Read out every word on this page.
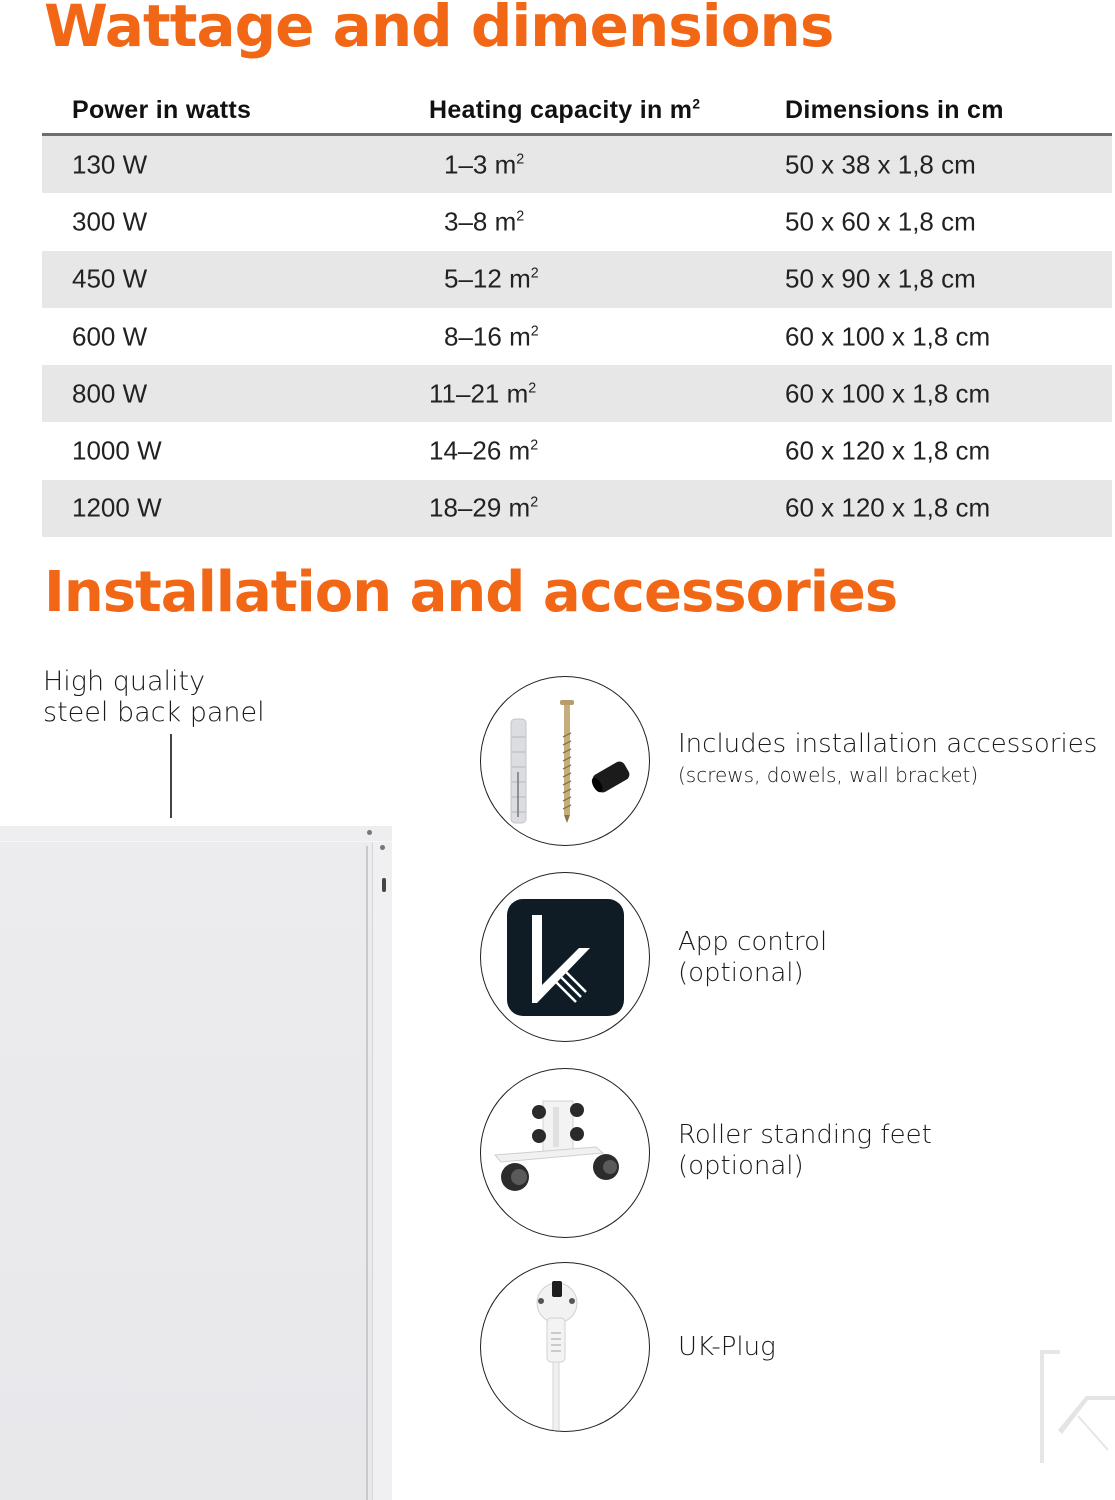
Wattage and dimensions
Power in watts	Heating capacity in $m^2$	Dimensions in cm
130 W	1–3 $m^2$	50 x 38 x 1,8 cm
300 W	3–8 $m^2$	50 x 60 x 1,8 cm
450 W	5–12 $m^2$	50 x 90 x 1,8 cm
600 W	8–16 $m^2$	60 x 100 x 1,8 cm
800 W	11–21 $m^2$	60 x 100 x 1,8 cm
1000 W	14–26 $m^2$	60 x 120 x 1,8 cm
1200 W	18–29 $m^2$	60 x 120 x 1,8 cm
Installation and accessories
High quality
steel back panel
Includes installation accessories
(screws, dowels, wall bracket)
App control
(optional)
Roller standing feet
(optional)
UK-Plug
